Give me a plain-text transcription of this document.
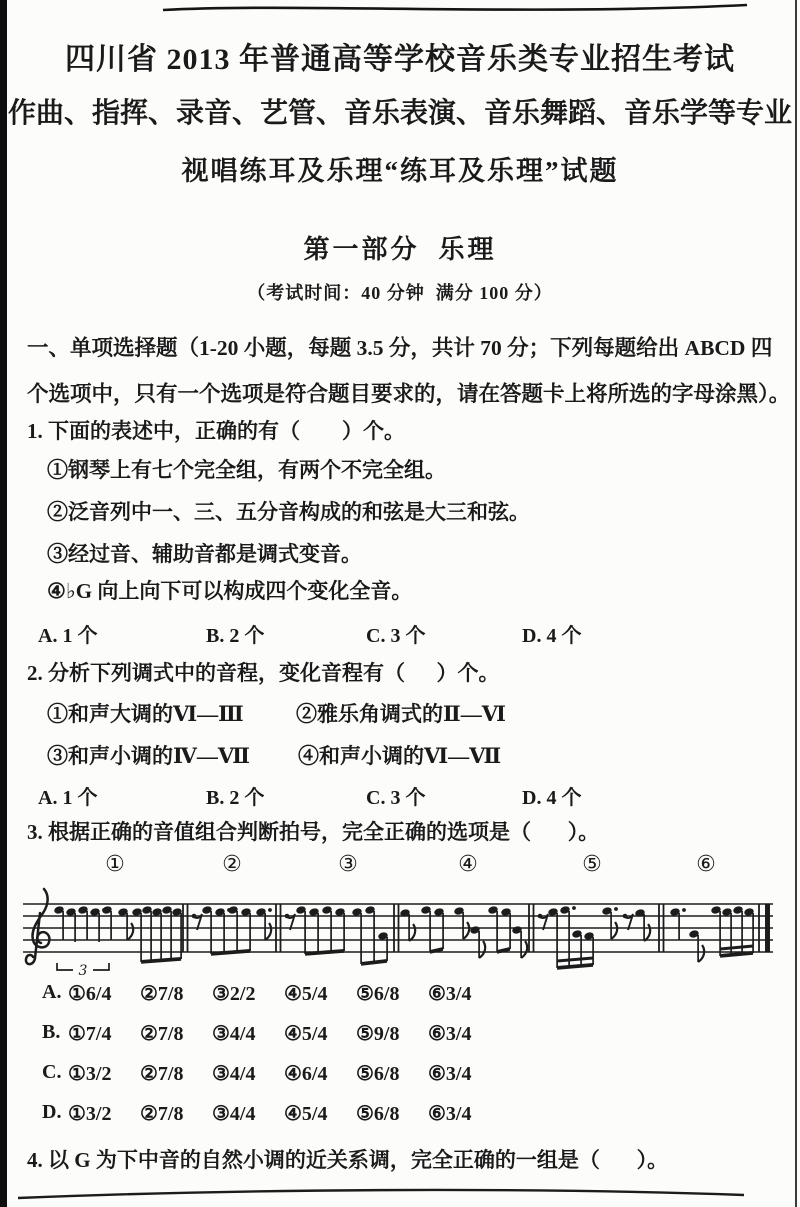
四川省 2013 年普通高等学校音乐类专业招生考试
作曲、指挥、录音、艺管、音乐表演、音乐舞蹈、音乐学等专业
视唱练耳及乐理“练耳及乐理”试题
第一部分  乐理
（考试时间：40 分钟  满分 100 分）
一、单项选择题（1-20 小题，每题 3.5 分，共计 70 分；下列每题给出 ABCD 四
个选项中，只有一个选项是符合题目要求的，请在答题卡上将所选的字母涂黑）。
1. 下面的表述中，正确的有（        ）个。
①钢琴上有七个完全组，有两个不完全组。
②泛音列中一、三、五分音构成的和弦是大三和弦。
③经过音、辅助音都是调式变音。
④♭G 向上向下可以构成四个变化全音。
A. 1 个	B. 2 个	C. 3 个	D. 4 个
2. 分析下列调式中的音程，变化音程有（      ）个。
①和声大调的Ⅵ—Ⅲ ②雅乐角调式的Ⅱ—Ⅵ
③和声小调的Ⅳ—Ⅶ ④和声小调的Ⅵ—Ⅶ
A. 1 个	B. 2 个	C. 3 个	D. 4 个
3. 根据正确的音值组合判断拍号，完全正确的选项是（       ）。
①	②	③	④	⑤	⑥
3
A. ①6/4 ②7/8 ③2/2 ④5/4 ⑤6/8 ⑥3/4
B. ①7/4 ②7/8 ③4/4 ④5/4 ⑤9/8 ⑥3/4
C. ①3/2 ②7/8 ③4/4 ④6/4 ⑤6/8 ⑥3/4
D. ①3/2 ②7/8 ③4/4 ④5/4 ⑤6/8 ⑥3/4
4. 以 G 为下中音的自然小调的近关系调，完全正确的一组是（       ）。
